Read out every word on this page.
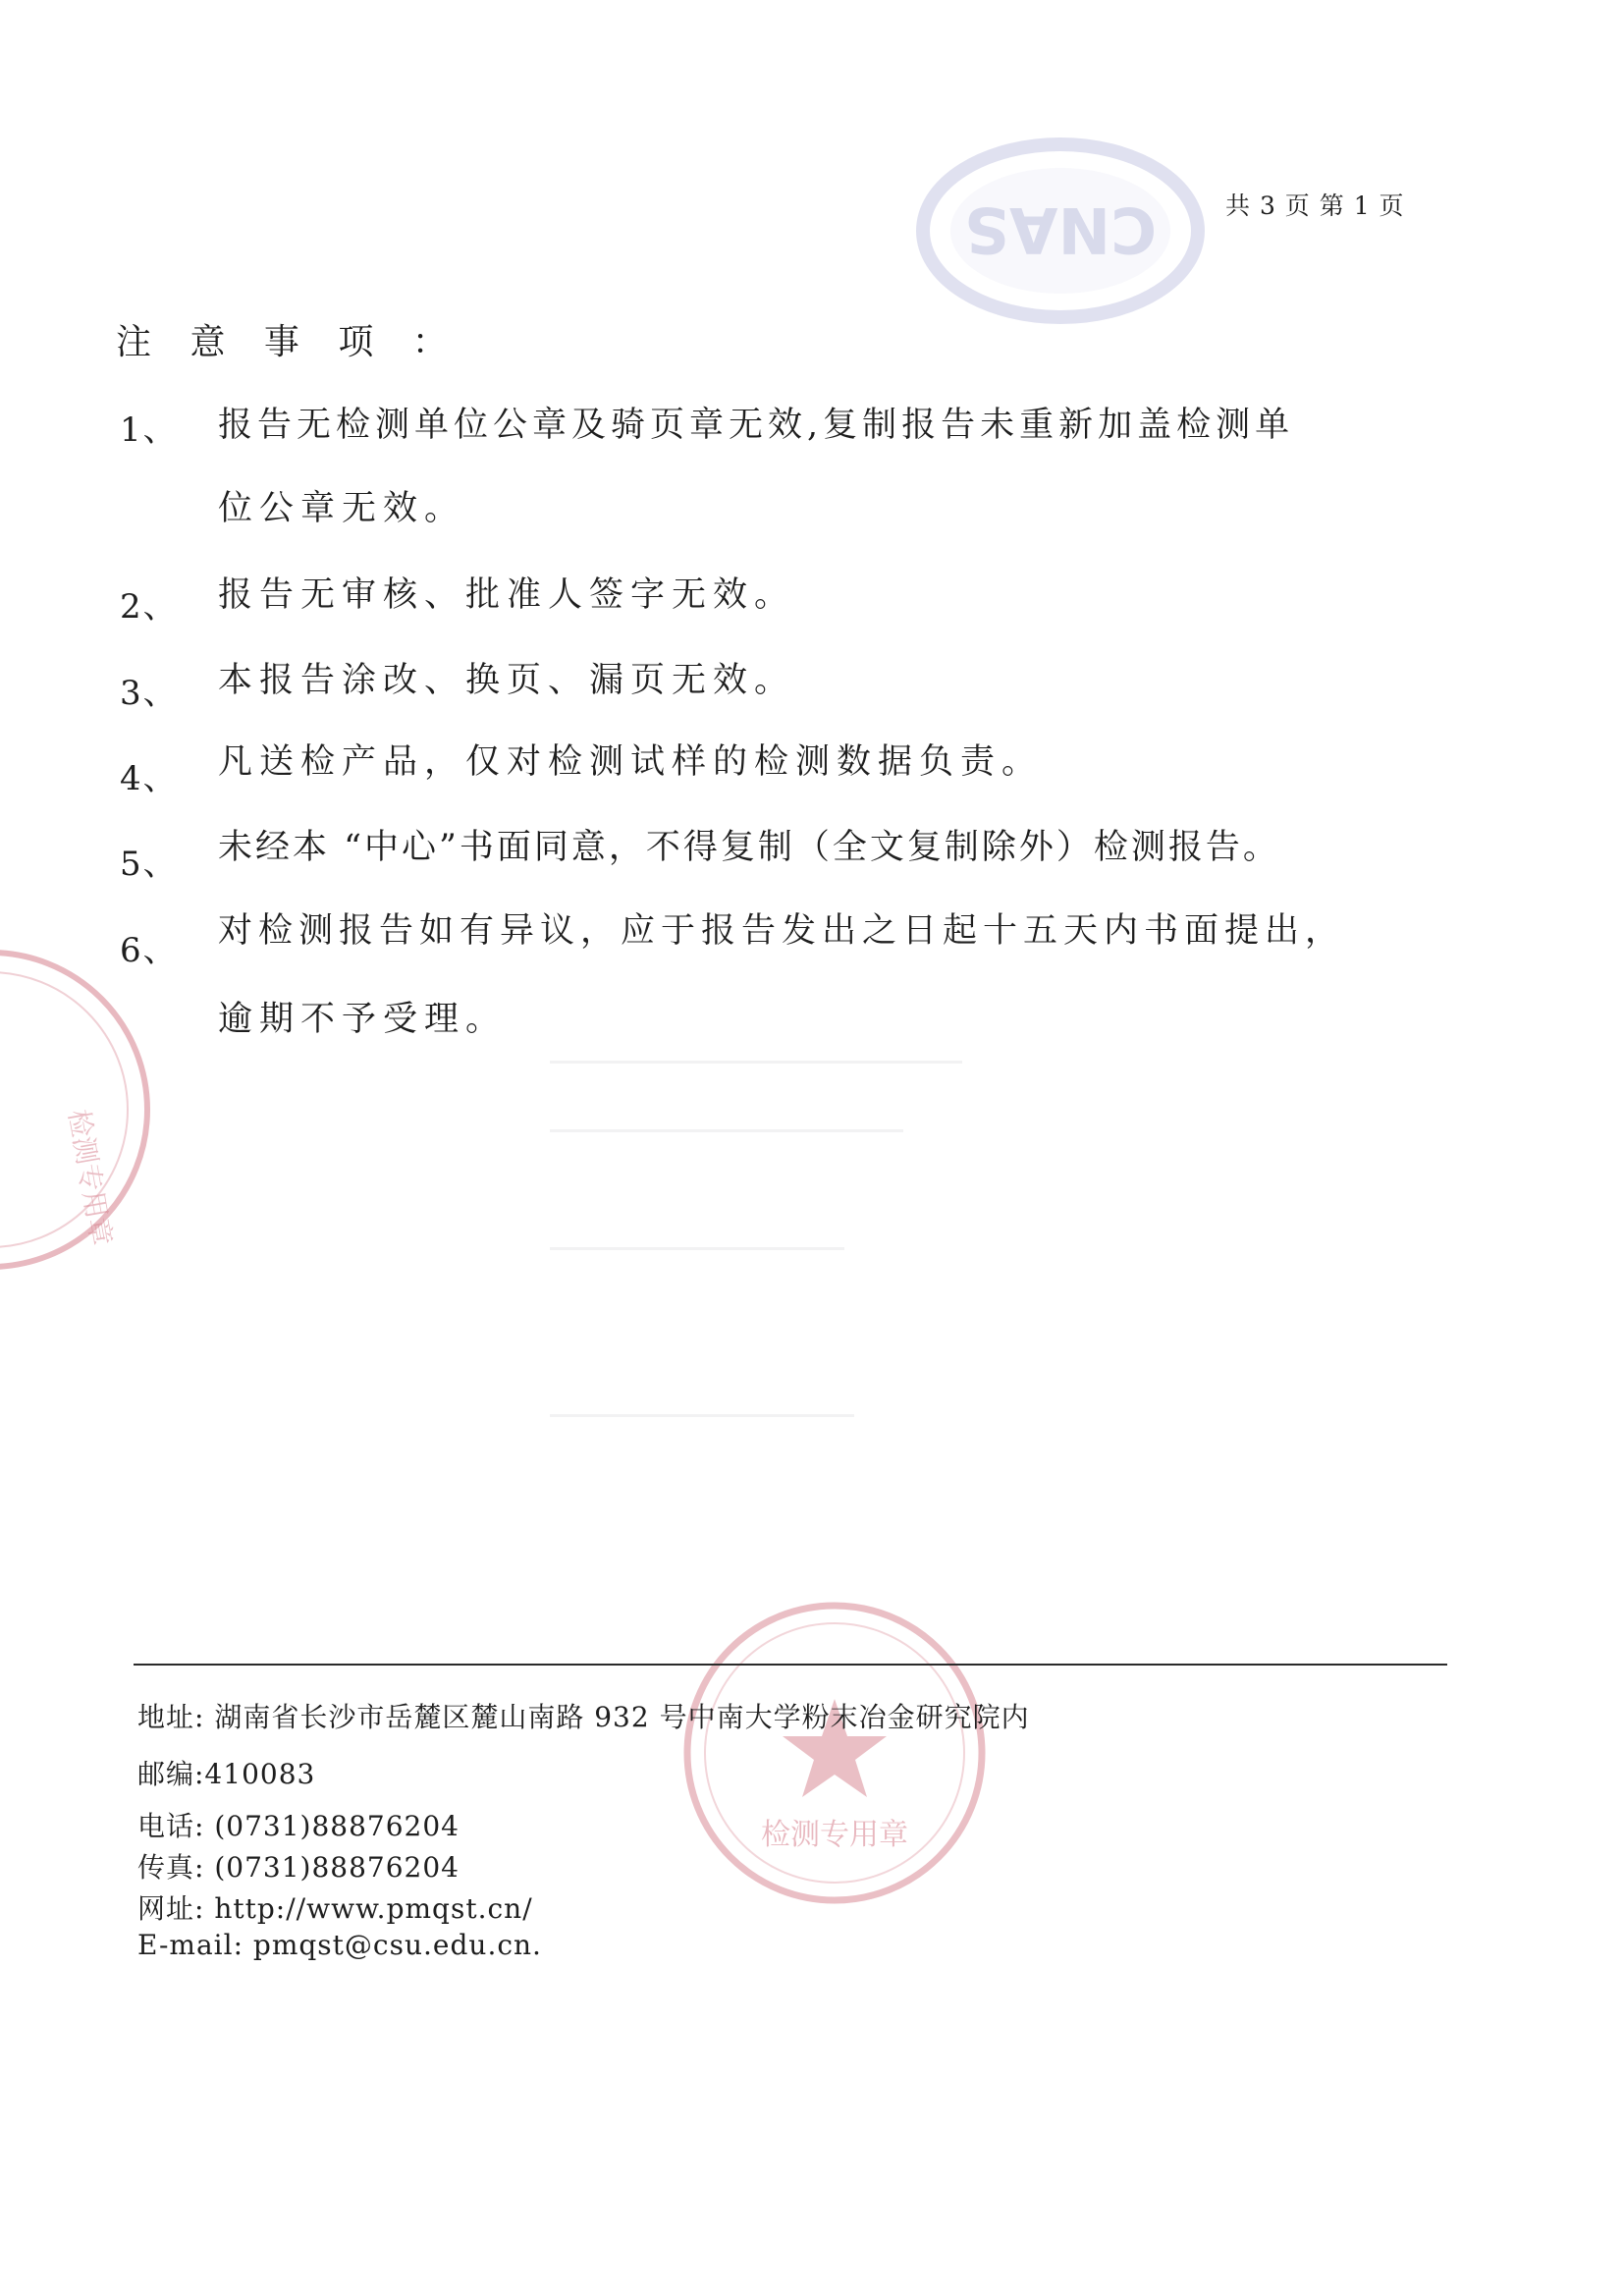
CNAS	共 3 页 第 1 页
注 意 事 项 ：
1、 报告无检测单位公章及骑页章无效,复制报告未重新加盖检测单
位公章无效。
2、 报告无审核、批准人签字无效。
3、 本报告涂改、换页、漏页无效。
4、 凡送检产品，仅对检测试样的检测数据负责。
5、 未经本 “中心”书面同意，不得复制（全文复制除外）检测报告。
6、 对检测报告如有异议，应于报告发出之日起十五天内书面提出，
逾期不予受理。
检测专用章
检测专用章
地址: 湖南省长沙市岳麓区麓山南路 932 号中南大学粉末冶金研究院内
邮编:410083
电话: (0731)88876204
传真: (0731)88876204
网址: http://www.pmqst.cn/
E-mail: pmqst@csu.edu.cn.
